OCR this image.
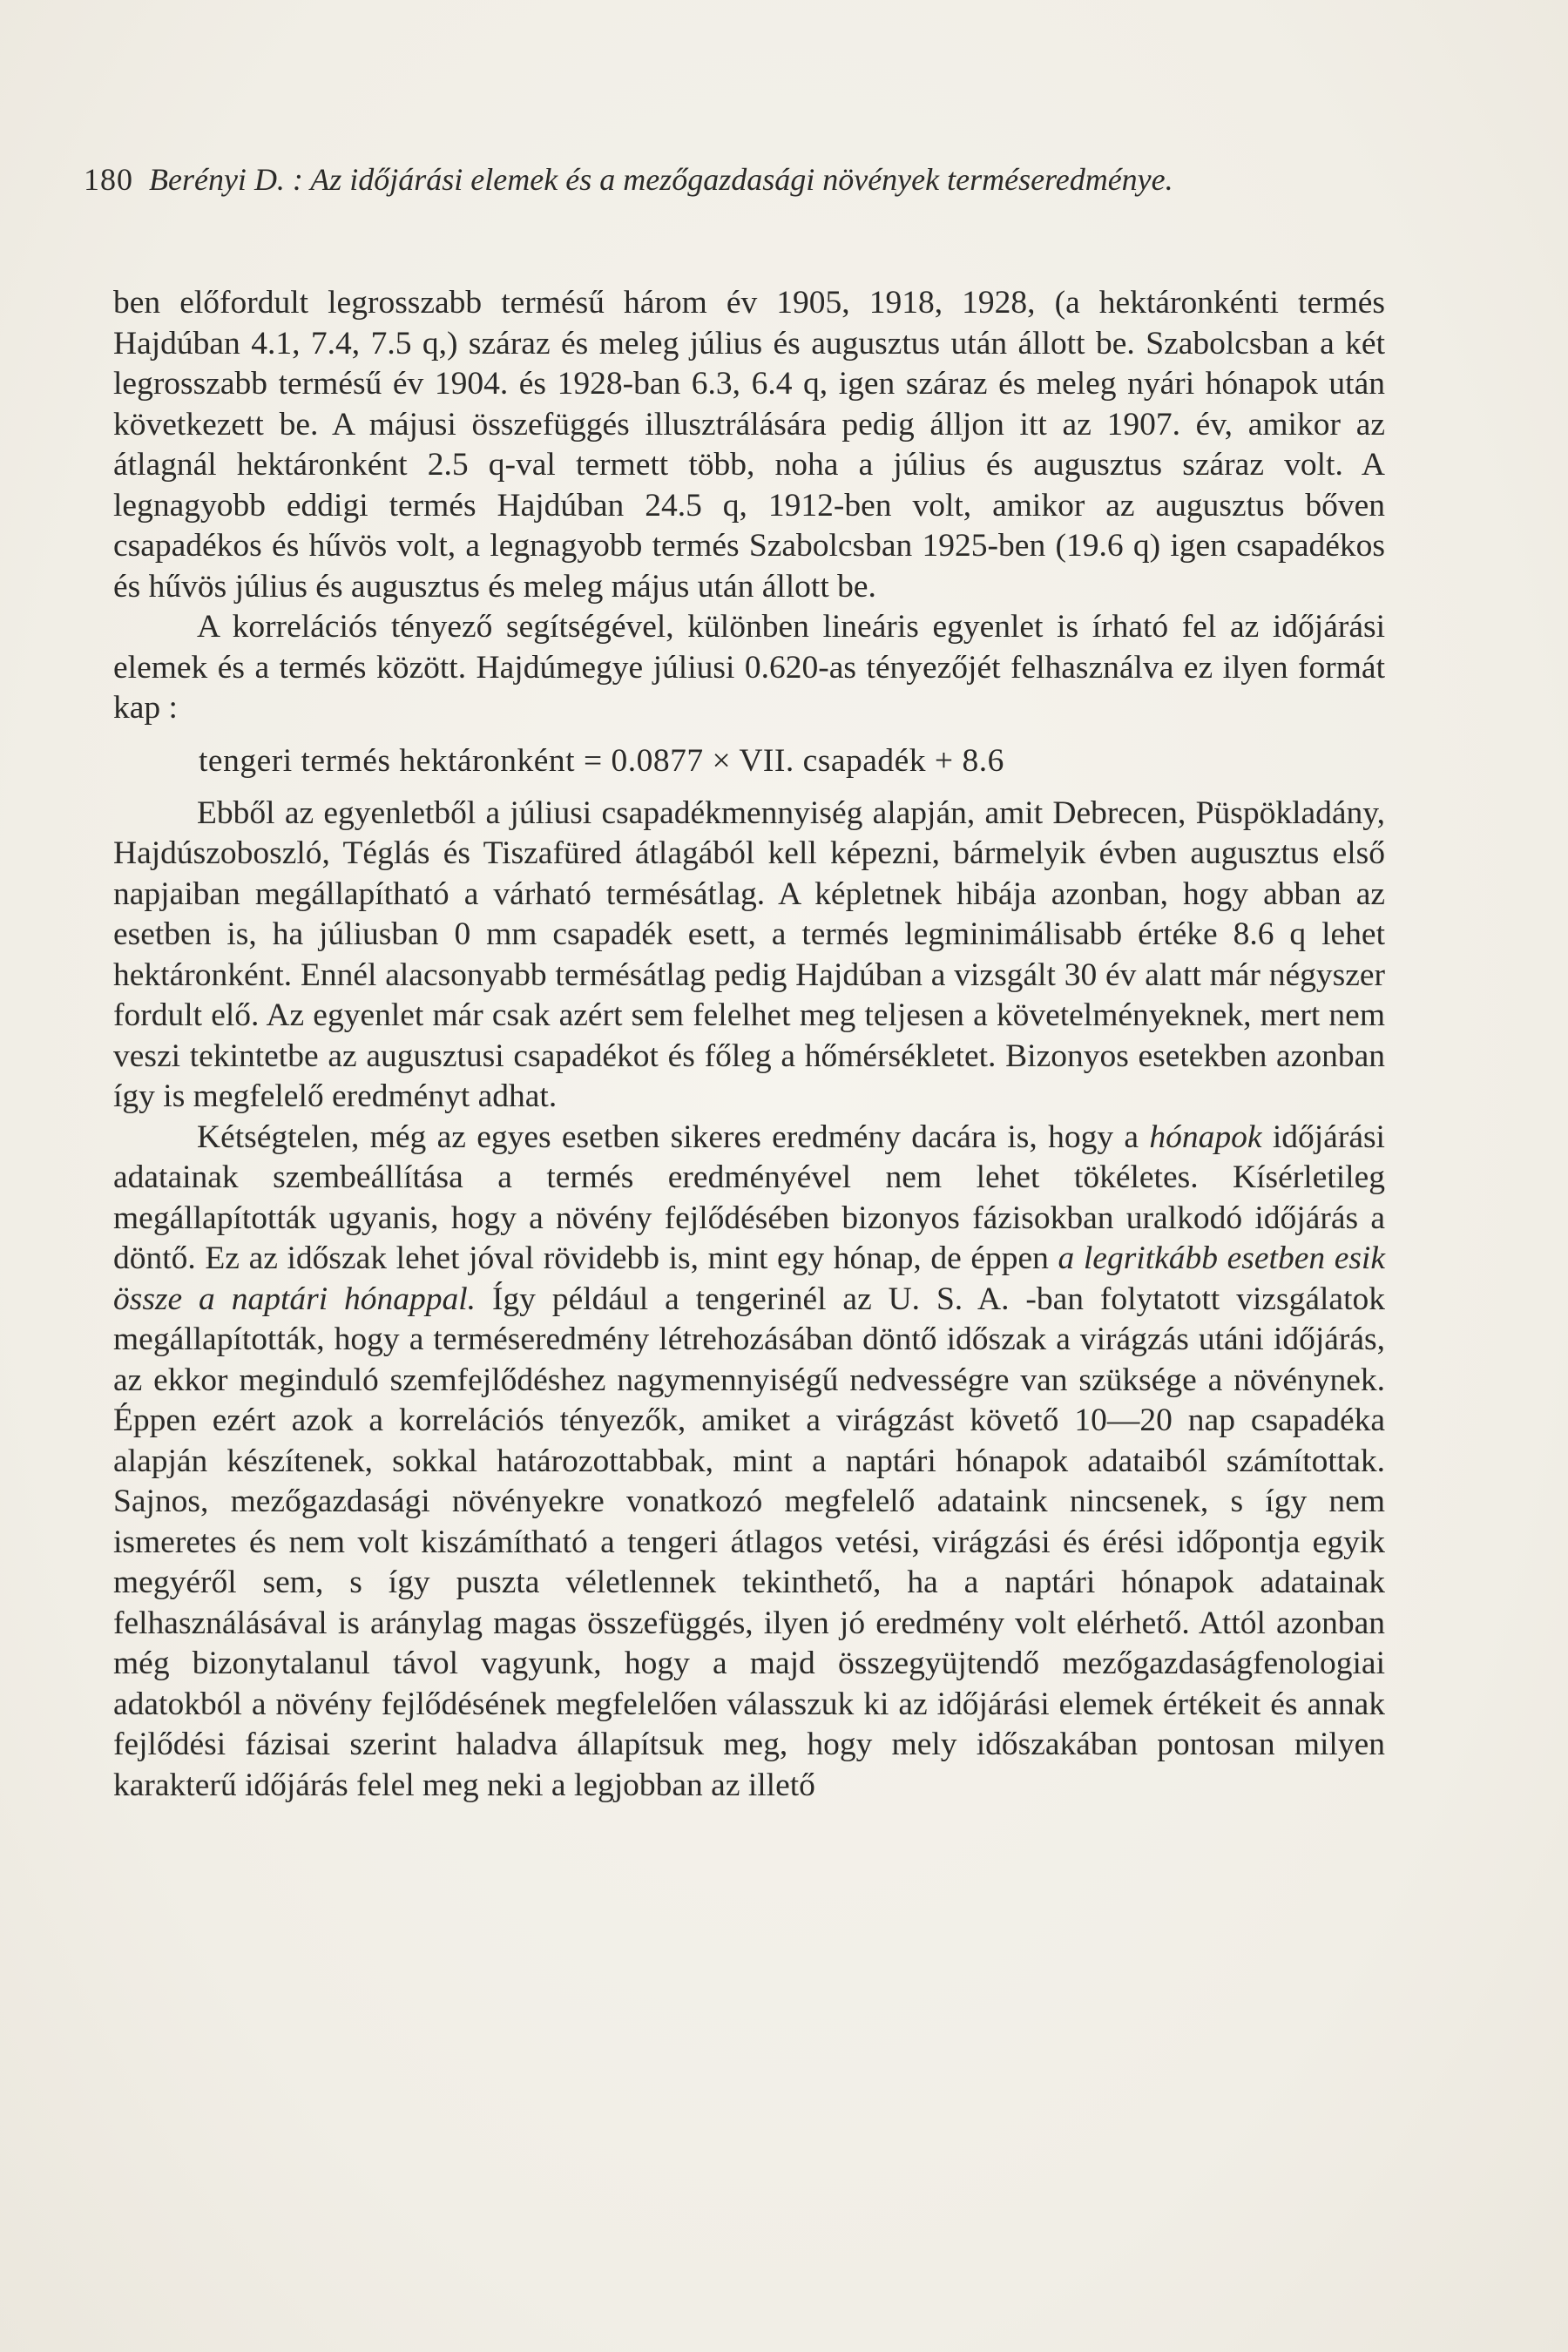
180 Berényi D. : Az időjárási elemek és a mezőgazdasági növények terméseredménye.

ben előfordult legrosszabb termésű három év 1905, 1918, 1928, (a hektáronkénti termés Hajdúban 4.1, 7.4, 7.5 q,) száraz és meleg július és augusztus után állott be. Szabolcsban a két legrosszabb termésű év 1904. és 1928-ban 6.3, 6.4 q, igen száraz és meleg nyári hónapok után következett be. A májusi összefüggés illusztrálására pedig álljon itt az 1907. év, amikor az átlagnál hektáronként 2.5 q-val termett több, noha a július és augusztus száraz volt. A legnagyobb eddigi termés Hajdúban 24.5 q, 1912-ben volt, amikor az augusztus bőven csapadékos és hűvös volt, a legnagyobb termés Szabolcsban 1925-ben (19.6 q) igen csapadékos és hűvös július és augusztus és meleg május után állott be.

A korrelációs tényező segítségével, különben lineáris egyenlet is írható fel az időjárási elemek és a termés között. Hajdúmegye júliusi 0.620-as tényezőjét felhasználva ez ilyen formát kap :

tengeri termés hektáronként = 0.0877 × VII. csapadék + 8.6

Ebből az egyenletből a júliusi csapadékmennyiség alapján, amit Debrecen, Püspökladány, Hajdúszoboszló, Téglás és Tiszafüred átlagából kell képezni, bármelyik évben augusztus első napjaiban megállapítható a várható termésátlag. A képletnek hibája azonban, hogy abban az esetben is, ha júliusban 0 mm csapadék esett, a termés legminimálisabb értéke 8.6 q lehet hektáronként. Ennél alacsonyabb termésátlag pedig Hajdúban a vizsgált 30 év alatt már négyszer fordult elő. Az egyenlet már csak azért sem felelhet meg teljesen a követelményeknek, mert nem veszi tekintetbe az augusztusi csapadékot és főleg a hőmérsékletet. Bizonyos esetekben azonban így is megfelelő eredményt adhat.

Kétségtelen, még az egyes esetben sikeres eredmény dacára is, hogy a hónapok időjárási adatainak szembeállítása a termés eredményével nem lehet tökéletes. Kísérletileg megállapították ugyanis, hogy a növény fejlődésében bizonyos fázisokban uralkodó időjárás a döntő. Ez az időszak lehet jóval rövidebb is, mint egy hónap, de éppen a legritkább esetben esik össze a naptári hónappal. Így például a tengerinél az U. S. A. -ban folytatott vizsgálatok megállapították, hogy a terméseredmény létrehozásában döntő időszak a virágzás utáni időjárás, az ekkor meginduló szemfejlődéshez nagymennyiségű nedvességre van szüksége a növénynek. Éppen ezért azok a korrelációs tényezők, amiket a virágzást követő 10—20 nap csapadéka alapján készítenek, sokkal határozottabbak, mint a naptári hónapok adataiból számítottak. Sajnos, mezőgazdasági növényekre vonatkozó megfelelő adataink nincsenek, s így nem ismeretes és nem volt kiszámítható a tengeri átlagos vetési, virágzási és érési időpontja egyik megyéről sem, s így puszta véletlennek tekinthető, ha a naptári hónapok adatainak felhasználásával is aránylag magas összefüggés, ilyen jó eredmény volt elérhető. Attól azonban még bizonytalanul távol vagyunk, hogy a majd összegyüjtendő mezőgazdaságfenologiai adatokból a növény fejlődésének megfelelően válasszuk ki az időjárási elemek értékeit és annak fejlődési fázisai szerint haladva állapítsuk meg, hogy mely időszakában pontosan milyen karakterű időjárás felel meg neki a legjobban az illető
